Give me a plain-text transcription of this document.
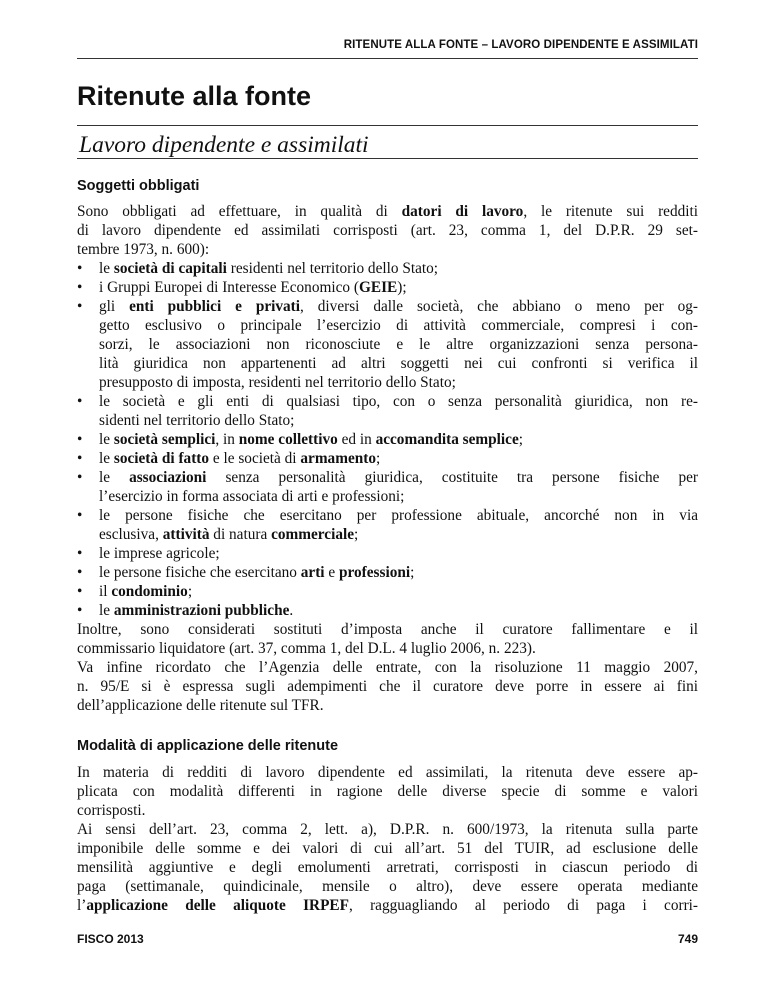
RITENUTE ALLA FONTE – LAVORO DIPENDENTE E ASSIMILATI
Ritenute alla fonte
Lavoro dipendente e assimilati
Soggetti obbligati
Sono obbligati ad effettuare, in qualità di datori di lavoro, le ritenute sui redditi
di lavoro dipendente ed assimilati corrisposti (art. 23, comma 1, del D.P.R. 29 set-
tembre 1973, n. 600):
•	le società di capitali residenti nel territorio dello Stato;
•	i Gruppi Europei di Interesse Economico (GEIE);
•	gli enti pubblici e privati, diversi dalle società, che abbiano o meno per og-
getto esclusivo o principale l’esercizio di attività commerciale, compresi i con-
sorzi, le associazioni non riconosciute e le altre organizzazioni senza persona-
lità giuridica non appartenenti ad altri soggetti nei cui confronti si verifica il
presupposto di imposta, residenti nel territorio dello Stato;
•	le società e gli enti di qualsiasi tipo, con o senza personalità giuridica, non re-
sidenti nel territorio dello Stato;
•	le società semplici, in nome collettivo ed in accomandita semplice;
•	le società di fatto e le società di armamento;
•	le associazioni senza personalità giuridica, costituite tra persone fisiche per
l’esercizio in forma associata di arti e professioni;
•	le persone fisiche che esercitano per professione abituale, ancorché non in via
esclusiva, attività di natura commerciale;
•	le imprese agricole;
•	le persone fisiche che esercitano arti e professioni;
•	il condominio;
•	le amministrazioni pubbliche.
Inoltre, sono considerati sostituti d’imposta anche il curatore fallimentare e il
commissario liquidatore (art. 37, comma 1, del D.L. 4 luglio 2006, n. 223).
Va infine ricordato che l’Agenzia delle entrate, con la risoluzione 11 maggio 2007,
n. 95/E si è espressa sugli adempimenti che il curatore deve porre in essere ai fini
dell’applicazione delle ritenute sul TFR.
Modalità di applicazione delle ritenute
In materia di redditi di lavoro dipendente ed assimilati, la ritenuta deve essere ap-
plicata con modalità differenti in ragione delle diverse specie di somme e valori
corrisposti.
Ai sensi dell’art. 23, comma 2, lett. a), D.P.R. n. 600/1973, la ritenuta sulla parte
imponibile delle somme e dei valori di cui all’art. 51 del TUIR, ad esclusione delle
mensilità aggiuntive e degli emolumenti arretrati, corrisposti in ciascun periodo di
paga (settimanale, quindicinale, mensile o altro), deve essere operata mediante
l’applicazione delle aliquote IRPEF, ragguagliando al periodo di paga i corri-
FISCO 2013	749
